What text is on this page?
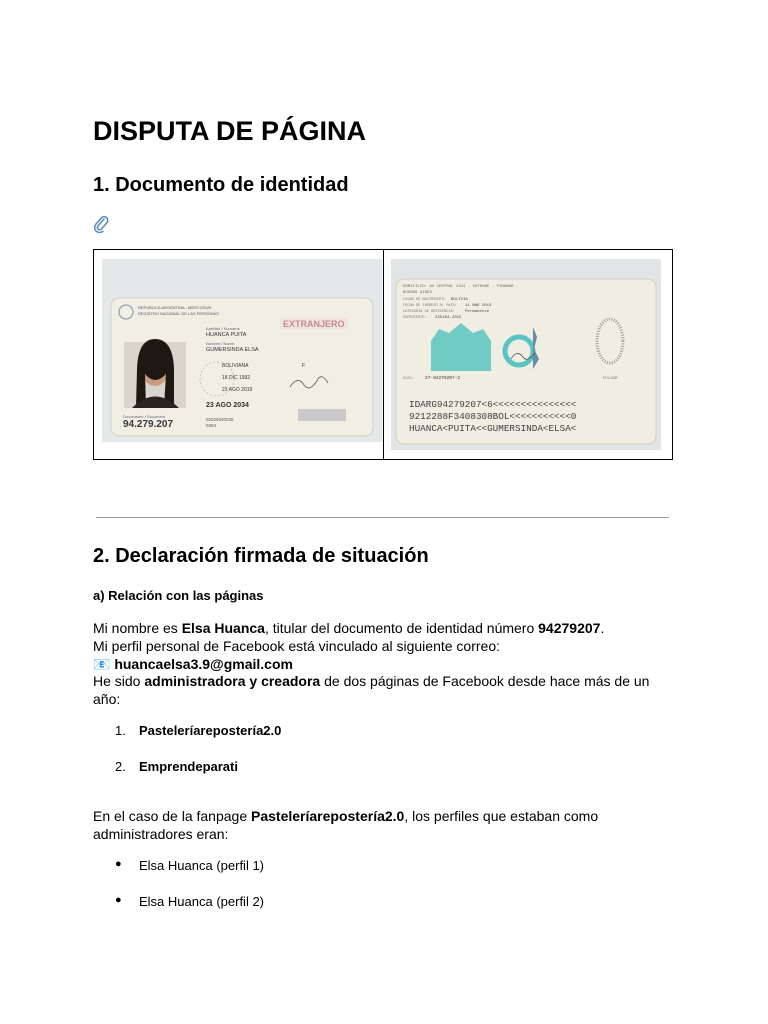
DISPUTA DE PÁGINA
1. Documento de identidad
REPUBLICA ARGENTINA - MERCOSUR
REGISTRO NACIONAL DE LAS PERSONAS
EXTRANJERO
Apellido / Surname
HUANCA PUITA
Nombre / Name
GUMERSINDA ELSA
BOLIVIANA	F
18 DIC 1992
23 AGO 2019
23 AGO 2034
Documento / Document
94.279.207	02029340038
0284
DOMICILIO: AV CENTRAL 1341 - OSTENDE - PINAMAR -
BUENOS AIRES
LUGAR DE NACIMIENTO: BOLIVIA
FECHA DE INGRESO AL PAIS: 11 MAR 2013
CATEGORIA DE RESIDENCIA:	Permanente
EXPEDIENTE: 235184-2015
CUIL: 27-94279207-2	PULGAR
IDARG94279207<6<<<<<<<<<<<<<<<
9212288F3408308BOL<<<<<<<<<<<0
HUANCA<PUITA<<GUMERSINDA<ELSA<
2. Declaración firmada de situación
a) Relación con las páginas
Mi nombre es Elsa Huanca, titular del documento de identidad número 94279207.
Mi perfil personal de Facebook está vinculado al siguiente correo:
📧 huancaelsa3.9@gmail.com
He sido administradora y creadora de dos páginas de Facebook desde hace más de un
año:
1. Pasteleríarepostería2.0
2. Emprendeparati
En el caso de la fanpage Pasteleríarepostería2.0, los perfiles que estaban como
administradores eran:
● Elsa Huanca (perfil 1)
● Elsa Huanca (perfil 2)
